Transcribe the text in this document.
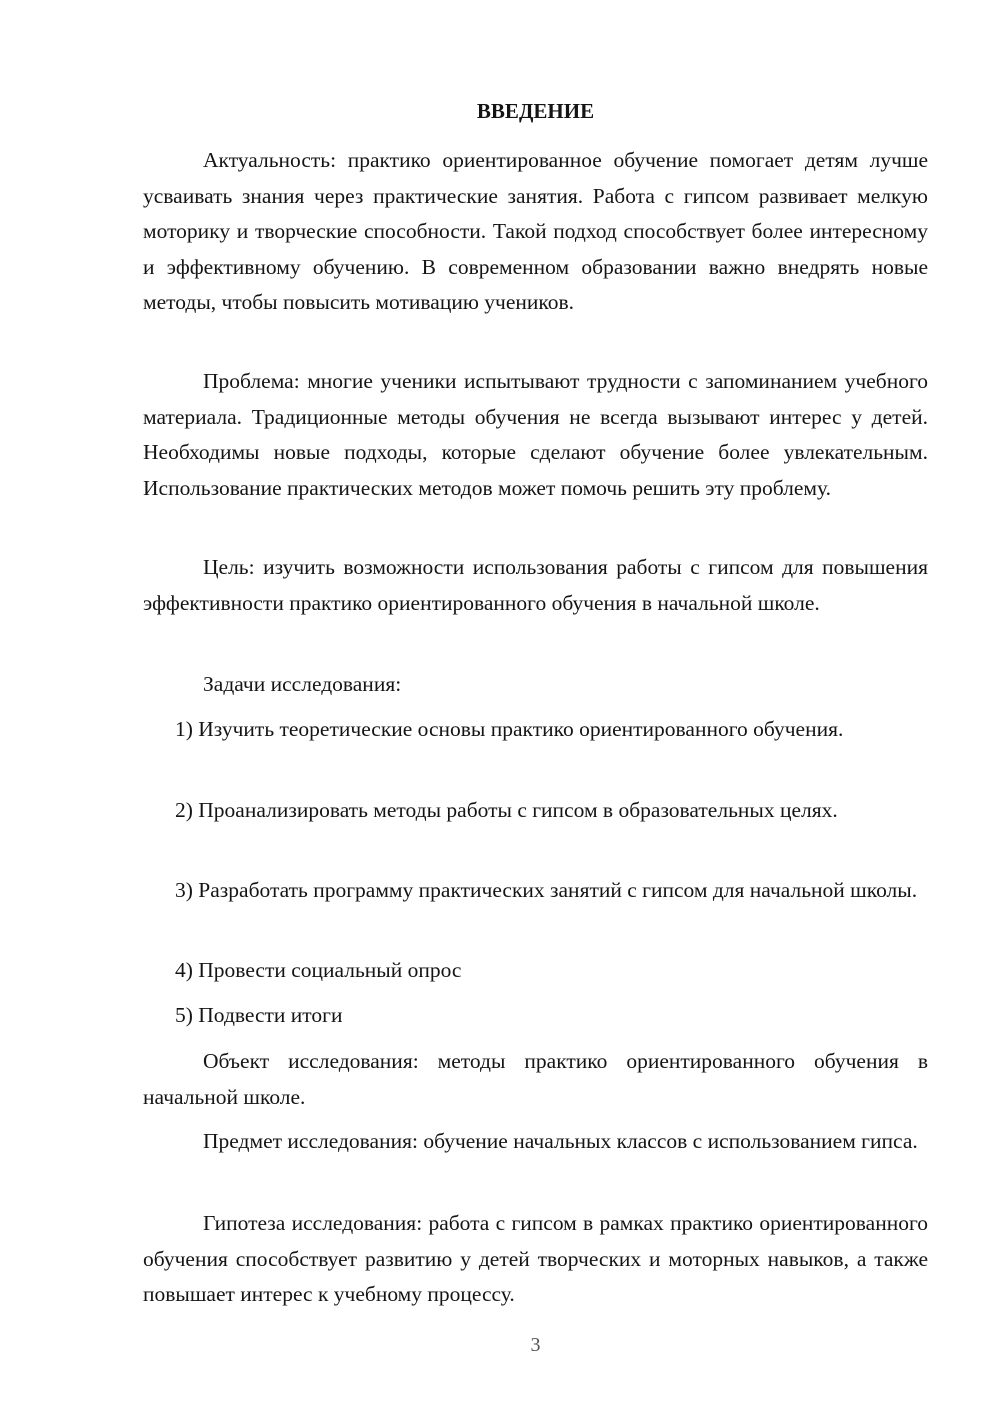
ВВЕДЕНИЕ

Актуальность: практико ориентированное обучение помогает детям лучше усваивать знания через практические занятия. Работа с гипсом развивает мелкую моторику и творческие способности. Такой подход способствует более интересному и эффективному обучению. В современном образовании важно внедрять новые методы, чтобы повысить мотивацию учеников.

Проблема: многие ученики испытывают трудности с запоминанием учебного материала. Традиционные методы обучения не всегда вызывают интерес у детей. Необходимы новые подходы, которые сделают обучение более увлекательным. Использование практических методов может помочь решить эту проблему.

Цель: изучить возможности использования работы с гипсом для повышения эффективности практико ориентированного обучения в начальной школе.

Задачи исследования:

1) Изучить теоретические основы практико ориентированного обучения.

2) Проанализировать методы работы с гипсом в образовательных целях.

3) Разработать программу практических занятий с гипсом для начальной школы.

4) Провести социальный опрос

5) Подвести итоги

Объект исследования: методы практико ориентированного обучения в начальной школе.

Предмет исследования: обучение начальных классов с использованием гипса.

Гипотеза исследования: работа с гипсом в рамках практико ориентированного обучения способствует развитию у детей творческих и моторных навыков, а также повышает интерес к учебному процессу.

3
